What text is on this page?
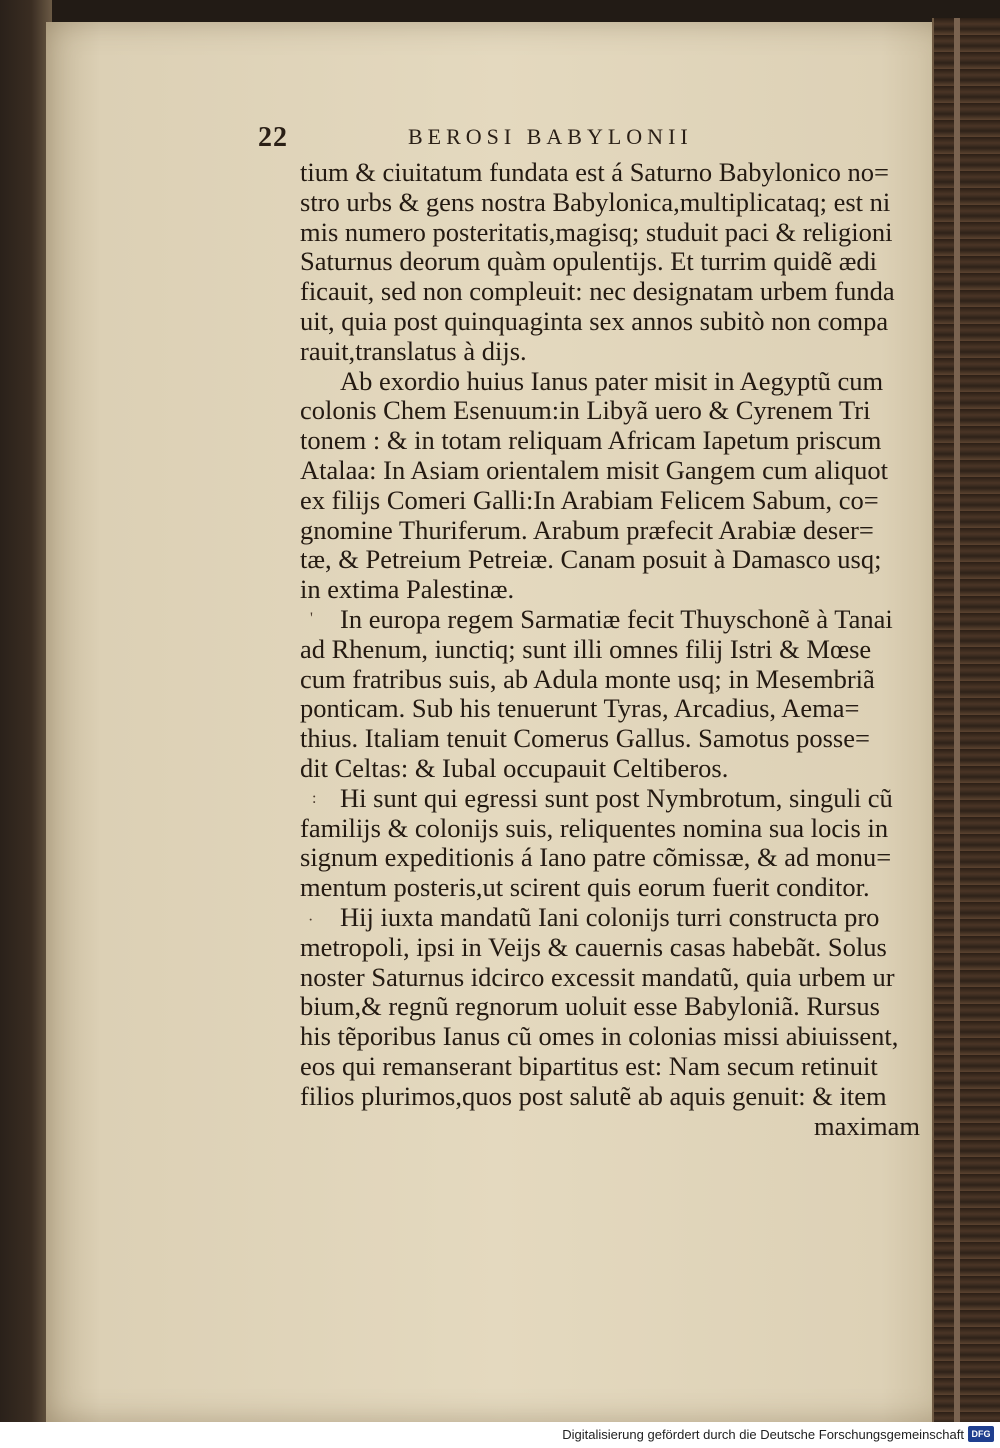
22	BEROSI BABYLONII
tium & ciuitatum fundata est á Saturno Babylonico no=
stro urbs & gens nostra Babylonica,multiplicataq; est ni
mis numero posteritatis,magisq; studuit paci & religioni
Saturnus deorum quàm opulentijs. Et turrim quidẽ ædi
ficauit, sed non compleuit: nec designatam urbem funda
uit, quia post quinquaginta sex annos subitò non compa
rauit,translatus à dijs.
Ab exordio huius Ianus pater misit in Aegyptũ cum
colonis Chem Esenuum:in Libyã uero & Cyrenem Tri
tonem : & in totam reliquam Africam Iapetum priscum
Atalaa: In Asiam orientalem misit Gangem cum aliquot
ex filijs Comeri Galli:In Arabiam Felicem Sabum, co=
gnomine Thuriferum. Arabum præfecit Arabiæ deser=
tæ, & Petreium Petreiæ. Canam posuit à Damasco usq;
in extima Palestinæ.
In europa regem Sarmatiæ fecit Thuyschonẽ à Tanai
ad Rhenum, iunctiq; sunt illi omnes filij Istri & Mœse
cum fratribus suis, ab Adula monte usq; in Mesembriã
ponticam. Sub his tenuerunt Tyras, Arcadius, Aema=
thius. Italiam tenuit Comerus Gallus. Samotus posse=
dit Celtas: & Iubal occupauit Celtiberos.
Hi sunt qui egressi sunt post Nymbrotum, singuli cũ
familijs & colonijs suis, reliquentes nomina sua locis in
signum expeditionis á Iano patre cõmissæ, & ad monu=
mentum posteris,ut scirent quis eorum fuerit conditor.
Hij iuxta mandatũ Iani colonijs turri constructa pro
metropoli, ipsi in Veijs & cauernis casas habebãt. Solus
noster Saturnus idcirco excessit mandatũ, quia urbem ur
bium,& regnũ regnorum uoluit esse Babyloniã. Rursus
his tẽporibus Ianus cũ omes in colonias missi abiuissent,
eos qui remanserant bipartitus est: Nam secum retinuit
filios plurimos,quos post salutẽ ab aquis genuit: & item
maximam
'
:
·
Digitalisierung gefördert durch die Deutsche Forschungsgemeinschaft DFG
